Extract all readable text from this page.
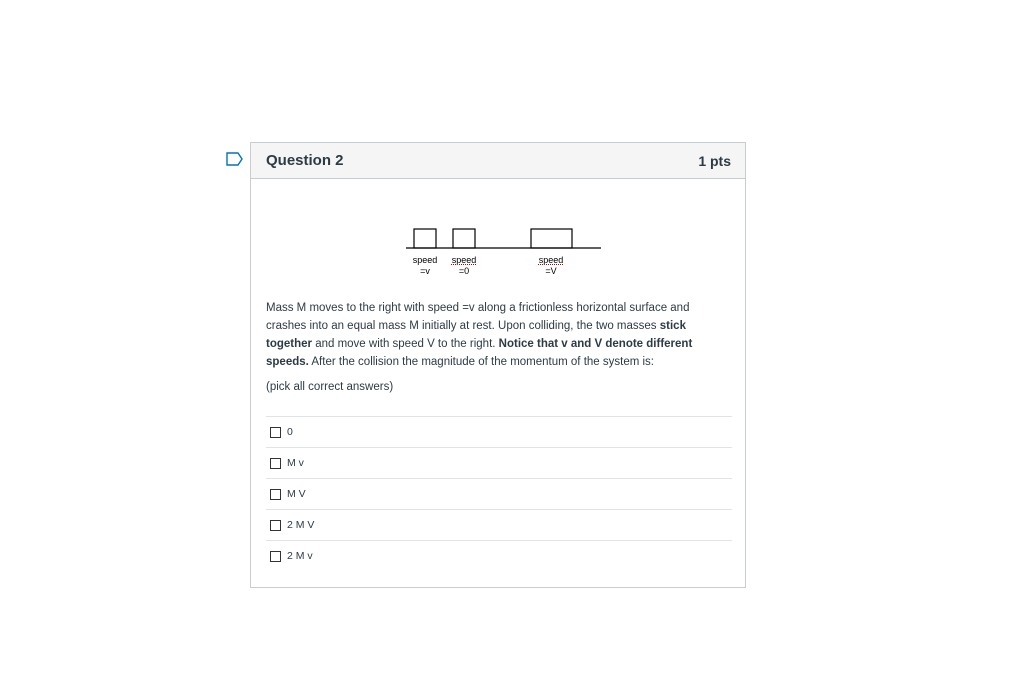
Question 2	1 pts
speed
=v
speed
=0
speed
=V
Mass M moves to the right with speed =v along a frictionless horizontal surface and crashes into an equal mass M initially at rest. Upon colliding, the two masses stick together and move with speed V to the right. Notice that v and V denote different speeds. After the collision the magnitude of the momentum of the system is:
(pick all correct answers)
0
M v
M V
2 M V
2 M v
